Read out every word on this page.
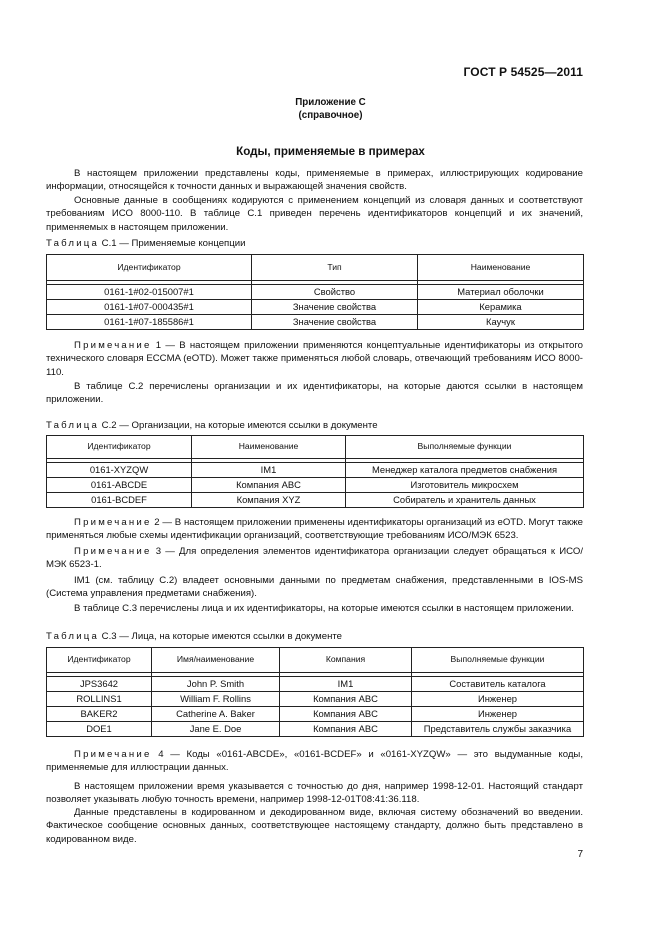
ГОСТ Р 54525—2011
Приложение С
(справочное)
Коды, применяемые в примерах

В настоящем приложении представлены коды, применяемые в примерах, иллюстрирующих кодирование информации, относящейся к точности данных и выражающей значения свойств.

Основные данные в сообщениях кодируются с применением концепций из словаря данных и соответствуют требованиям ИСО 8000-110. В таблице С.1 приведен перечень идентификаторов концепций и их значений, применяемых в настоящем приложении.

Таблица С.1 — Применяемые концепции
Идентификатор	Тип	Наименование

0161-1#02-015007#1	Свойство	Материал оболочки
0161-1#07-000435#1	Значение свойства	Керамика
0161-1#07-185586#1	Значение свойства	Каучук

Примечание 1 — В настоящем приложении применяются концептуальные идентификаторы из открытого технического словаря ECCMA (eOTD). Может также применяться любой словарь, отвечающий требованиям ИСО 8000-110.

В таблице С.2 перечислены организации и их идентификаторы, на которые даются ссылки в настоящем приложении.

Таблица С.2 — Организации, на которые имеются ссылки в документе
Идентификатор	Наименование	Выполняемые функции

0161-XYZQW	IM1	Менеджер каталога предметов снабжения
0161-ABCDE	Компания ABC	Изготовитель микросхем
0161-BCDEF	Компания XYZ	Собиратель и хранитель данных

Примечание 2 — В настоящем приложении применены идентификаторы организаций из eOTD. Могут также применяться любые схемы идентификации организаций, соответствующие требованиям ИСО/МЭК 6523.

Примечание 3 — Для определения элементов идентификатора организации следует обращаться к ИСО/МЭК 6523-1.

IM1 (см. таблицу С.2) владеет основными данными по предметам снабжения, представленными в IOS-MS (Система управления предметами снабжения).

В таблице С.3 перечислены лица и их идентификаторы, на которые имеются ссылки в настоящем приложении.

Таблица С.3 — Лица, на которые имеются ссылки в документе
Идентификатор	Имя/наименование	Компания	Выполняемые функции

JPS3642	John P. Smith	IM1	Составитель каталога
ROLLINS1	William F. Rollins	Компания ABC	Инженер
BAKER2	Catherine A. Baker	Компания ABC	Инженер
DOE1	Jane E. Doe	Компания ABC	Представитель службы заказчика

Примечание 4 — Коды «0161-ABCDE», «0161-BCDEF» и «0161-XYZQW» — это выдуманные коды, применяемые для иллюстрации данных.

В настоящем приложении время указывается с точностью до дня, например 1998-12-01. Настоящий стандарт позволяет указывать любую точность времени, например 1998-12-01T08:41:36.118.

Данные представлены в кодированном и декодированном виде, включая систему обозначений во введении. Фактическое сообщение основных данных, соответствующее настоящему стандарту, должно быть представлено в кодированном виде.

7
